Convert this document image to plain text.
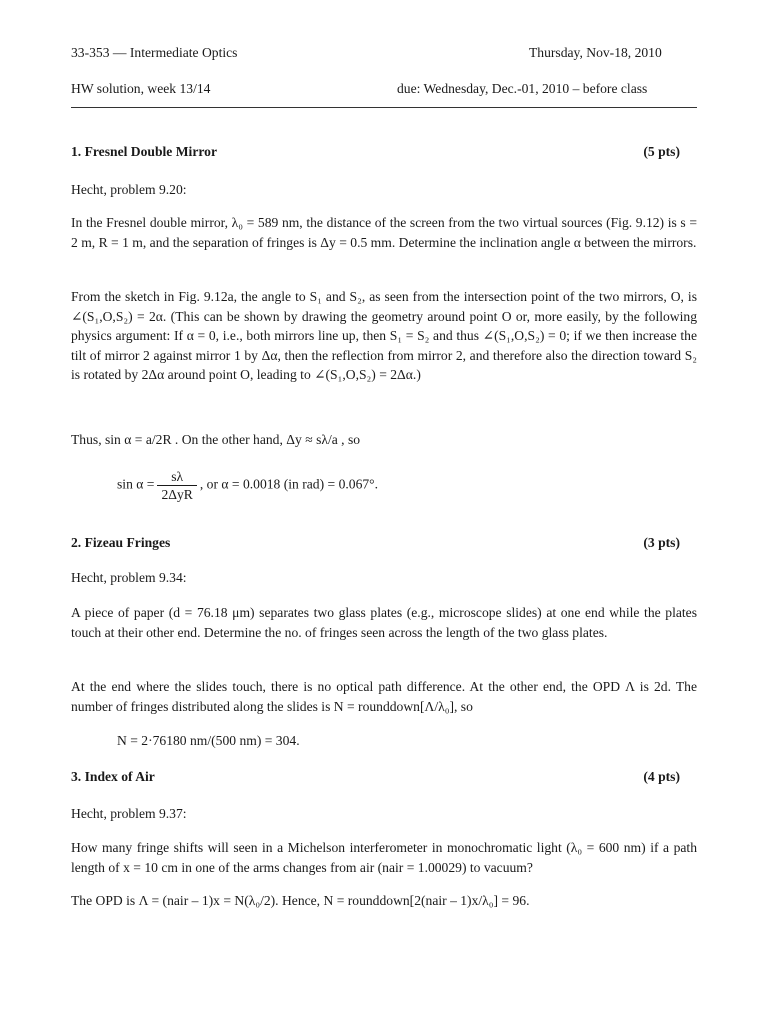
33-353 — Intermediate Optics	Thursday, Nov-18, 2010
HW solution, week 13/14	due: Wednesday, Dec.-01, 2010 – before class
1. Fresnel Double Mirror	(5 pts)
Hecht, problem 9.20:
In the Fresnel double mirror, λ₀ = 589 nm, the distance of the screen from the two virtual sources (Fig. 9.12) is s = 2 m, R = 1 m, and the separation of fringes is Δy = 0.5 mm. Determine the inclination angle α between the mirrors.
From the sketch in Fig. 9.12a, the angle to S₁ and S₂, as seen from the intersection point of the two mirrors, O, is ∠(S₁,O,S₂) = 2α. (This can be shown by drawing the geometry around point O or, more easily, by the following physics argument: If α = 0, i.e., both mirrors line up, then S₁ = S₂ and thus ∠(S₁,O,S₂) = 0; if we then increase the tilt of mirror 2 against mirror 1 by Δα, then the reflection from mirror 2, and therefore also the direction toward S₂ is rotated by 2Δα around point O, leading to ∠(S₁,O,S₂) = 2Δα.)
Thus, sin α = a/2R . On the other hand, Δy ≈ sλ/a , so
$\sin \alpha = \frac{s\lambda}{\text{2ΔyR}}$ , or α = 0.0018 (in rad) = 0.067°.
2. Fizeau Fringes	(3 pts)
Hecht, problem 9.34:
A piece of paper (d = 76.18 μm) separates two glass plates (e.g., microscope slides) at one end while the plates touch at their other end. Determine the no. of fringes seen across the length of the two glass plates.
At the end where the slides touch, there is no optical path difference. At the other end, the OPD Λ is 2d. The number of fringes distributed along the slides is N = rounddown[Λ/λ₀], so
N = 2·76180 nm/(500 nm) = 304.
3. Index of Air	(4 pts)
Hecht, problem 9.37:
How many fringe shifts will seen in a Michelson interferometer in monochromatic light (λ₀ = 600 nm) if a path length of x = 10 cm in one of the arms changes from air (nair = 1.00029) to vacuum?
The OPD is Λ = (nair – 1)x = N(λ₀/2). Hence, N = rounddown[2(nair – 1)x/λ₀] = 96.
